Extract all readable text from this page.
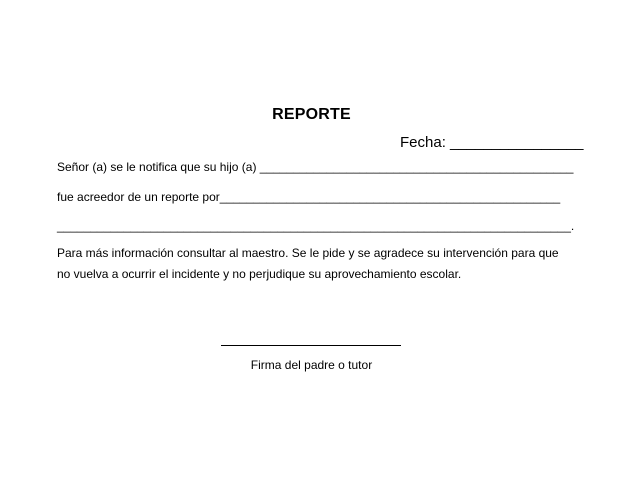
REPORTE
Fecha: ________________
Señor (a) se le notifica que su hijo (a) _______________________________________________
fue acreedor de un reporte por___________________________________________________
_____________________________________________________________________________.
Para más información consultar al maestro. Se le pide y se agradece su intervención para que no vuelva a ocurrir el incidente y no perjudique su aprovechamiento escolar.
Firma del padre o tutor
